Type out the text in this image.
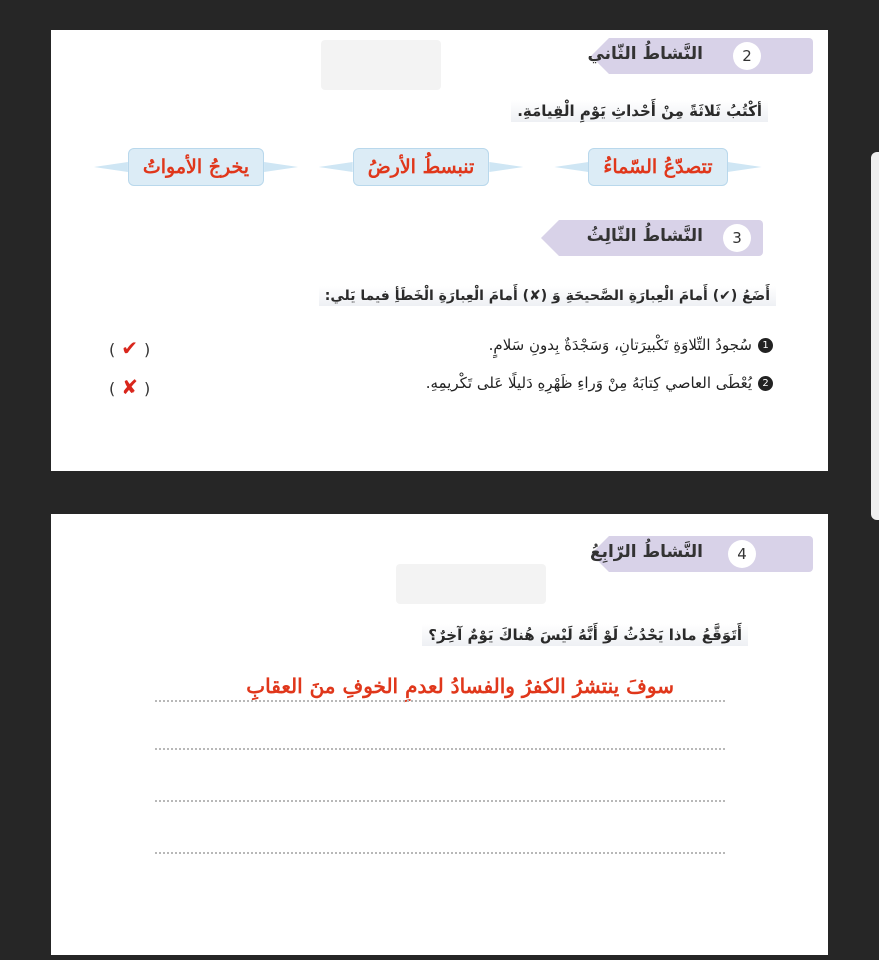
2
النَّشاطُ الثّاني
أكْتُبُ ثَلاثَةً مِنْ أَحْداثِ يَوْمِ الْقِيامَةِ.
تتصدّعُ السّماءُ
تنبسطُ الأرضُ
يخرجُ الأمواتُ
3
النَّشاطُ الثّالِثُ
أَضَعُ (✔) أَمامَ الْعِبارَةِ الصَّحيحَةِ وَ (✘) أَمامَ الْعِبارَةِ الْخَطَأِ فيما يَلي:
1
سُجودُ التِّلاوَةِ تَكْبيرَتانِ، وَسَجْدَةٌ بِدونِ سَلامٍ.
( ✔ )
2
يُعْطَى العاصي كِتابَهُ مِنْ وَراءِ ظَهْرِهِ دَليلًا عَلى تَكْريمِهِ.
( ✘ )
4
النَّشاطُ الرّابِعُ
أَتَوَقَّعُ ماذا يَحْدُثُ لَوْ أَنَّهُ لَيْسَ هُناكَ يَوْمٌ آخِرٌ؟
سوفَ ينتشرُ الكفرُ والفسادُ لعدمِ الخوفِ منَ العقابِ
